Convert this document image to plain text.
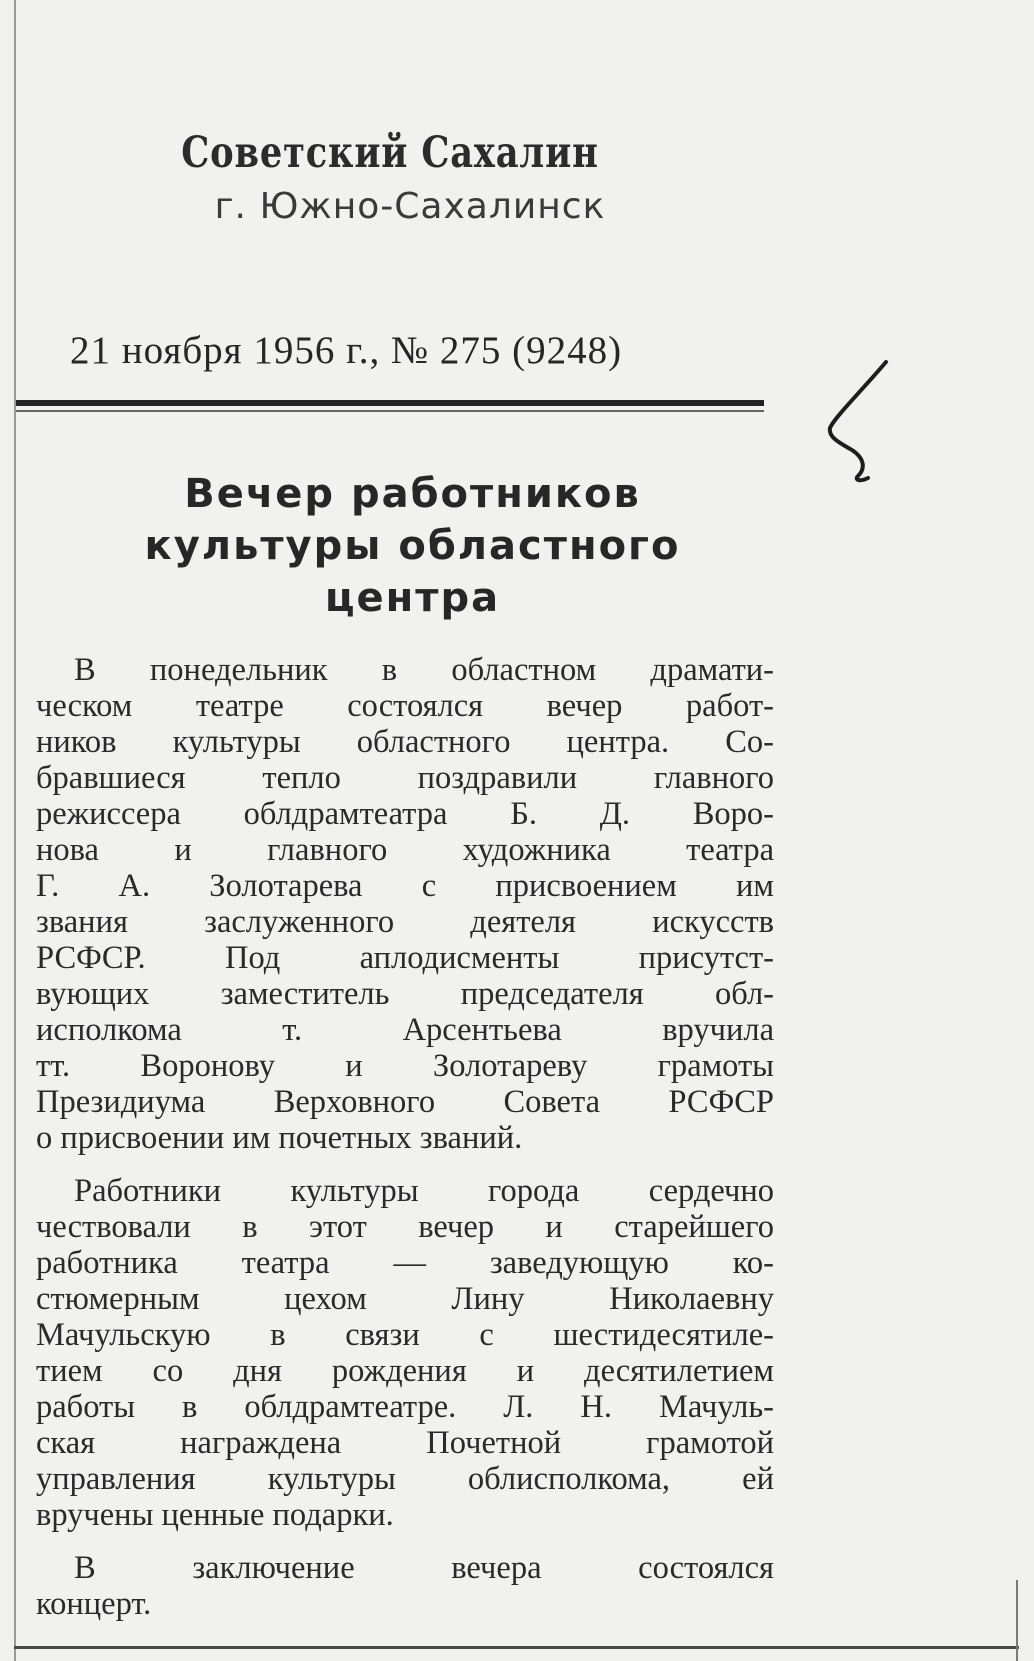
Советский Сахалин
г. Южно-Сахалинск
21 ноября 1956 г., № 275 (9248)
Вечер работников
культуры областного
центра
В понедельник в областном драмати-
ческом театре состоялся вечер работ-
ников культуры областного центра. Со-
бравшиеся тепло поздравили главного
режиссера облдрамтеатра Б. Д. Воро-
нова и главного художника театра
Г. А. Золотарева с присвоением им
звания заслуженного деятеля искусств
РСФСР. Под аплодисменты присутст-
вующих заместитель председателя обл-
исполкома т. Арсентьева вручила
тт. Воронову и Золотареву грамоты
Президиума Верховного Совета РСФСР
о присвоении им почетных званий.
Работники культуры города сердечно
чествовали в этот вечер и старейшего
работника театра — заведующую ко-
стюмерным цехом Лину Николаевну
Мачульскую в связи с шестидесятиле-
тием со дня рождения и десятилетием
работы в облдрамтеатре. Л. Н. Мачуль-
ская награждена Почетной грамотой
управления культуры облисполкома, ей
вручены ценные подарки.
В заключение вечера состоялся
концерт.
